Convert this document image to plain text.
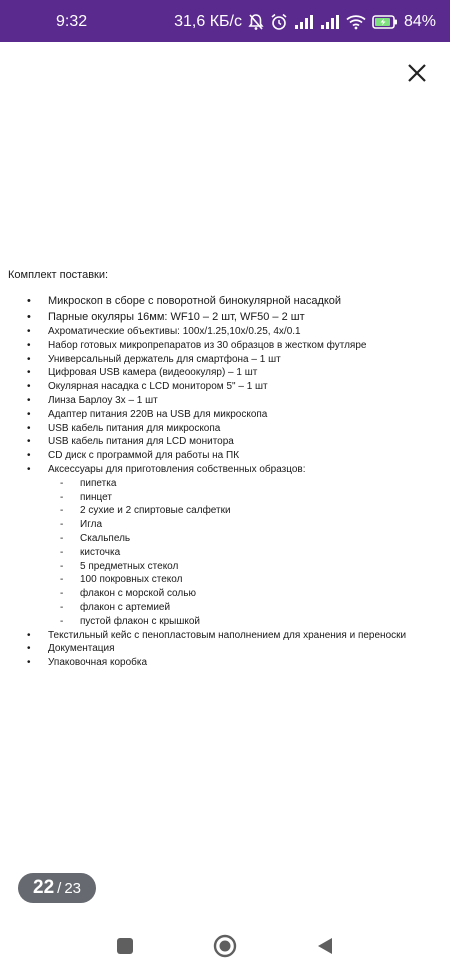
9:32	31,6 КБ/с	84%
Комплект поставки:
•	Микроскоп в сборе с поворотной бинокулярной насадкой
•	Парные окуляры 16мм: WF10 – 2 шт, WF50 – 2 шт
•	Ахроматические объективы: 100x/1.25,10x/0.25, 4x/0.1
•	Набор готовых микропрепаратов из 30 образцов в жестком футляре
•	Универсальный держатель для смартфона – 1 шт
•	Цифровая USB камера (видеоокуляр) – 1 шт
•	Окулярная насадка с LCD монитором 5" – 1 шт
•	Линза Барлоу 3х – 1 шт
•	Адаптер питания 220В на USB для микроскопа
•	USB кабель питания для микроскопа
•	USB кабель питания для LCD монитора
•	CD диск с программой для работы на ПК
•	Аксессуары для приготовления собственных образцов:
- пипетка
- пинцет
- 2 сухие и 2 спиртовые салфетки
- Игла
- Скальпель
- кисточка
- 5 предметных стекол
- 100 покровных стекол
- флакон с морской солью
- флакон с артемией
- пустой флакон с крышкой
•	Текстильный кейс с пенопластовым наполнением для хранения и переноски
•	Документация
•	Упаковочная коробка
22 / 23
